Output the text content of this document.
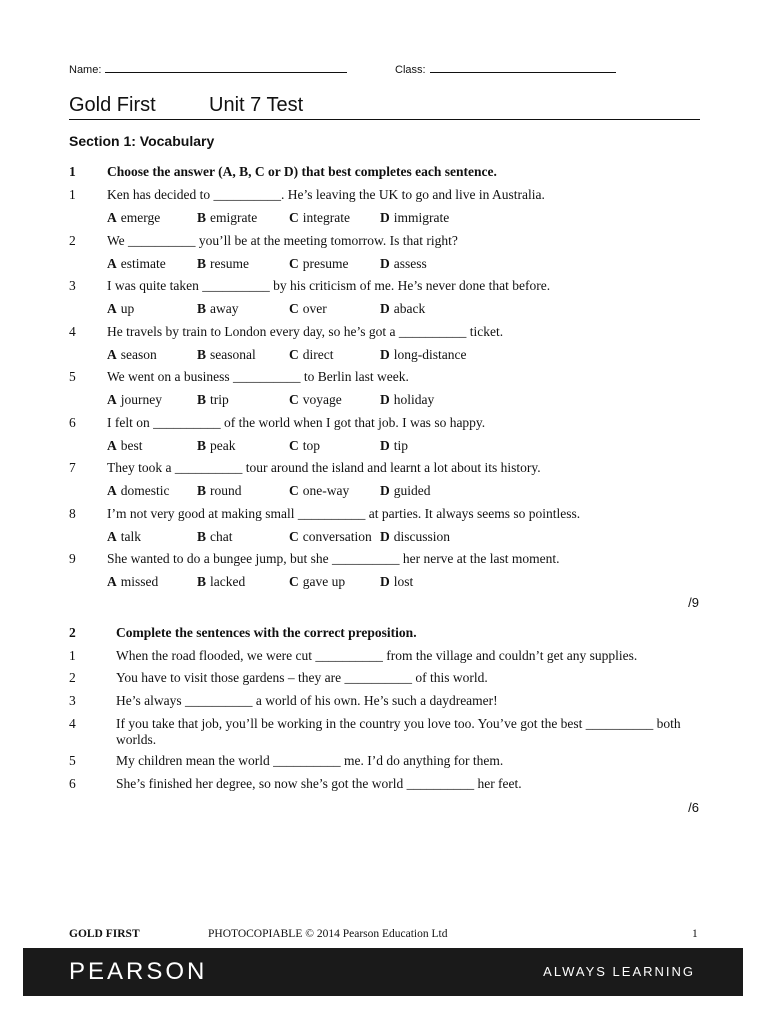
Name:	Class:
Gold First	Unit 7 Test
Section 1: Vocabulary
1 Choose the answer (A, B, C or D) that best completes each sentence.
1 Ken has decided to __________. He’s leaving the UK to go and live in Australia.
A emerge	B emigrate C integrate D immigrate
2 We __________ you’ll be at the meeting tomorrow. Is that right?
A estimate B resume	C presume D assess
3 I was quite taken __________ by his criticism of me. He’s never done that before.
A up	B away	C over	D aback
4 He travels by train to London every day, so he’s got a __________ ticket.
A season	B seasonal C direct	D long-distance
5 We went on a business __________ to Berlin last week.
A journey	B trip	C voyage	D holiday
6 I felt on __________ of the world when I got that job. I was so happy.
A best	B peak	C top	D tip
7 They took a __________ tour around the island and learnt a lot about its history.
A domestic B round	C one-way D guided
8 I’m not very good at making small __________ at parties. It always seems so pointless.
A talk	B chat	C conversation D discussion
9 She wanted to do a bungee jump, but she __________ her nerve at the last moment.
A missed	B lacked	C gave up	D lost
/9
2	Complete the sentences with the correct preposition.
1	When the road flooded, we were cut __________ from the village and couldn’t get any supplies.
2	You have to visit those gardens – they are __________ of this world.
3	He’s always __________ a world of his own. He’s such a daydreamer!
4	If you take that job, you’ll be working in the country you love too. You’ve got the best __________ both worlds.
5	My children mean the world __________ me. I’d do anything for them.
6	She’s finished her degree, so now she’s got the world __________ her feet.
/6
GOLD FIRST	PHOTOCOPIABLE © 2014 Pearson Education Ltd	1
PEARSON	ALWAYS LEARNING
